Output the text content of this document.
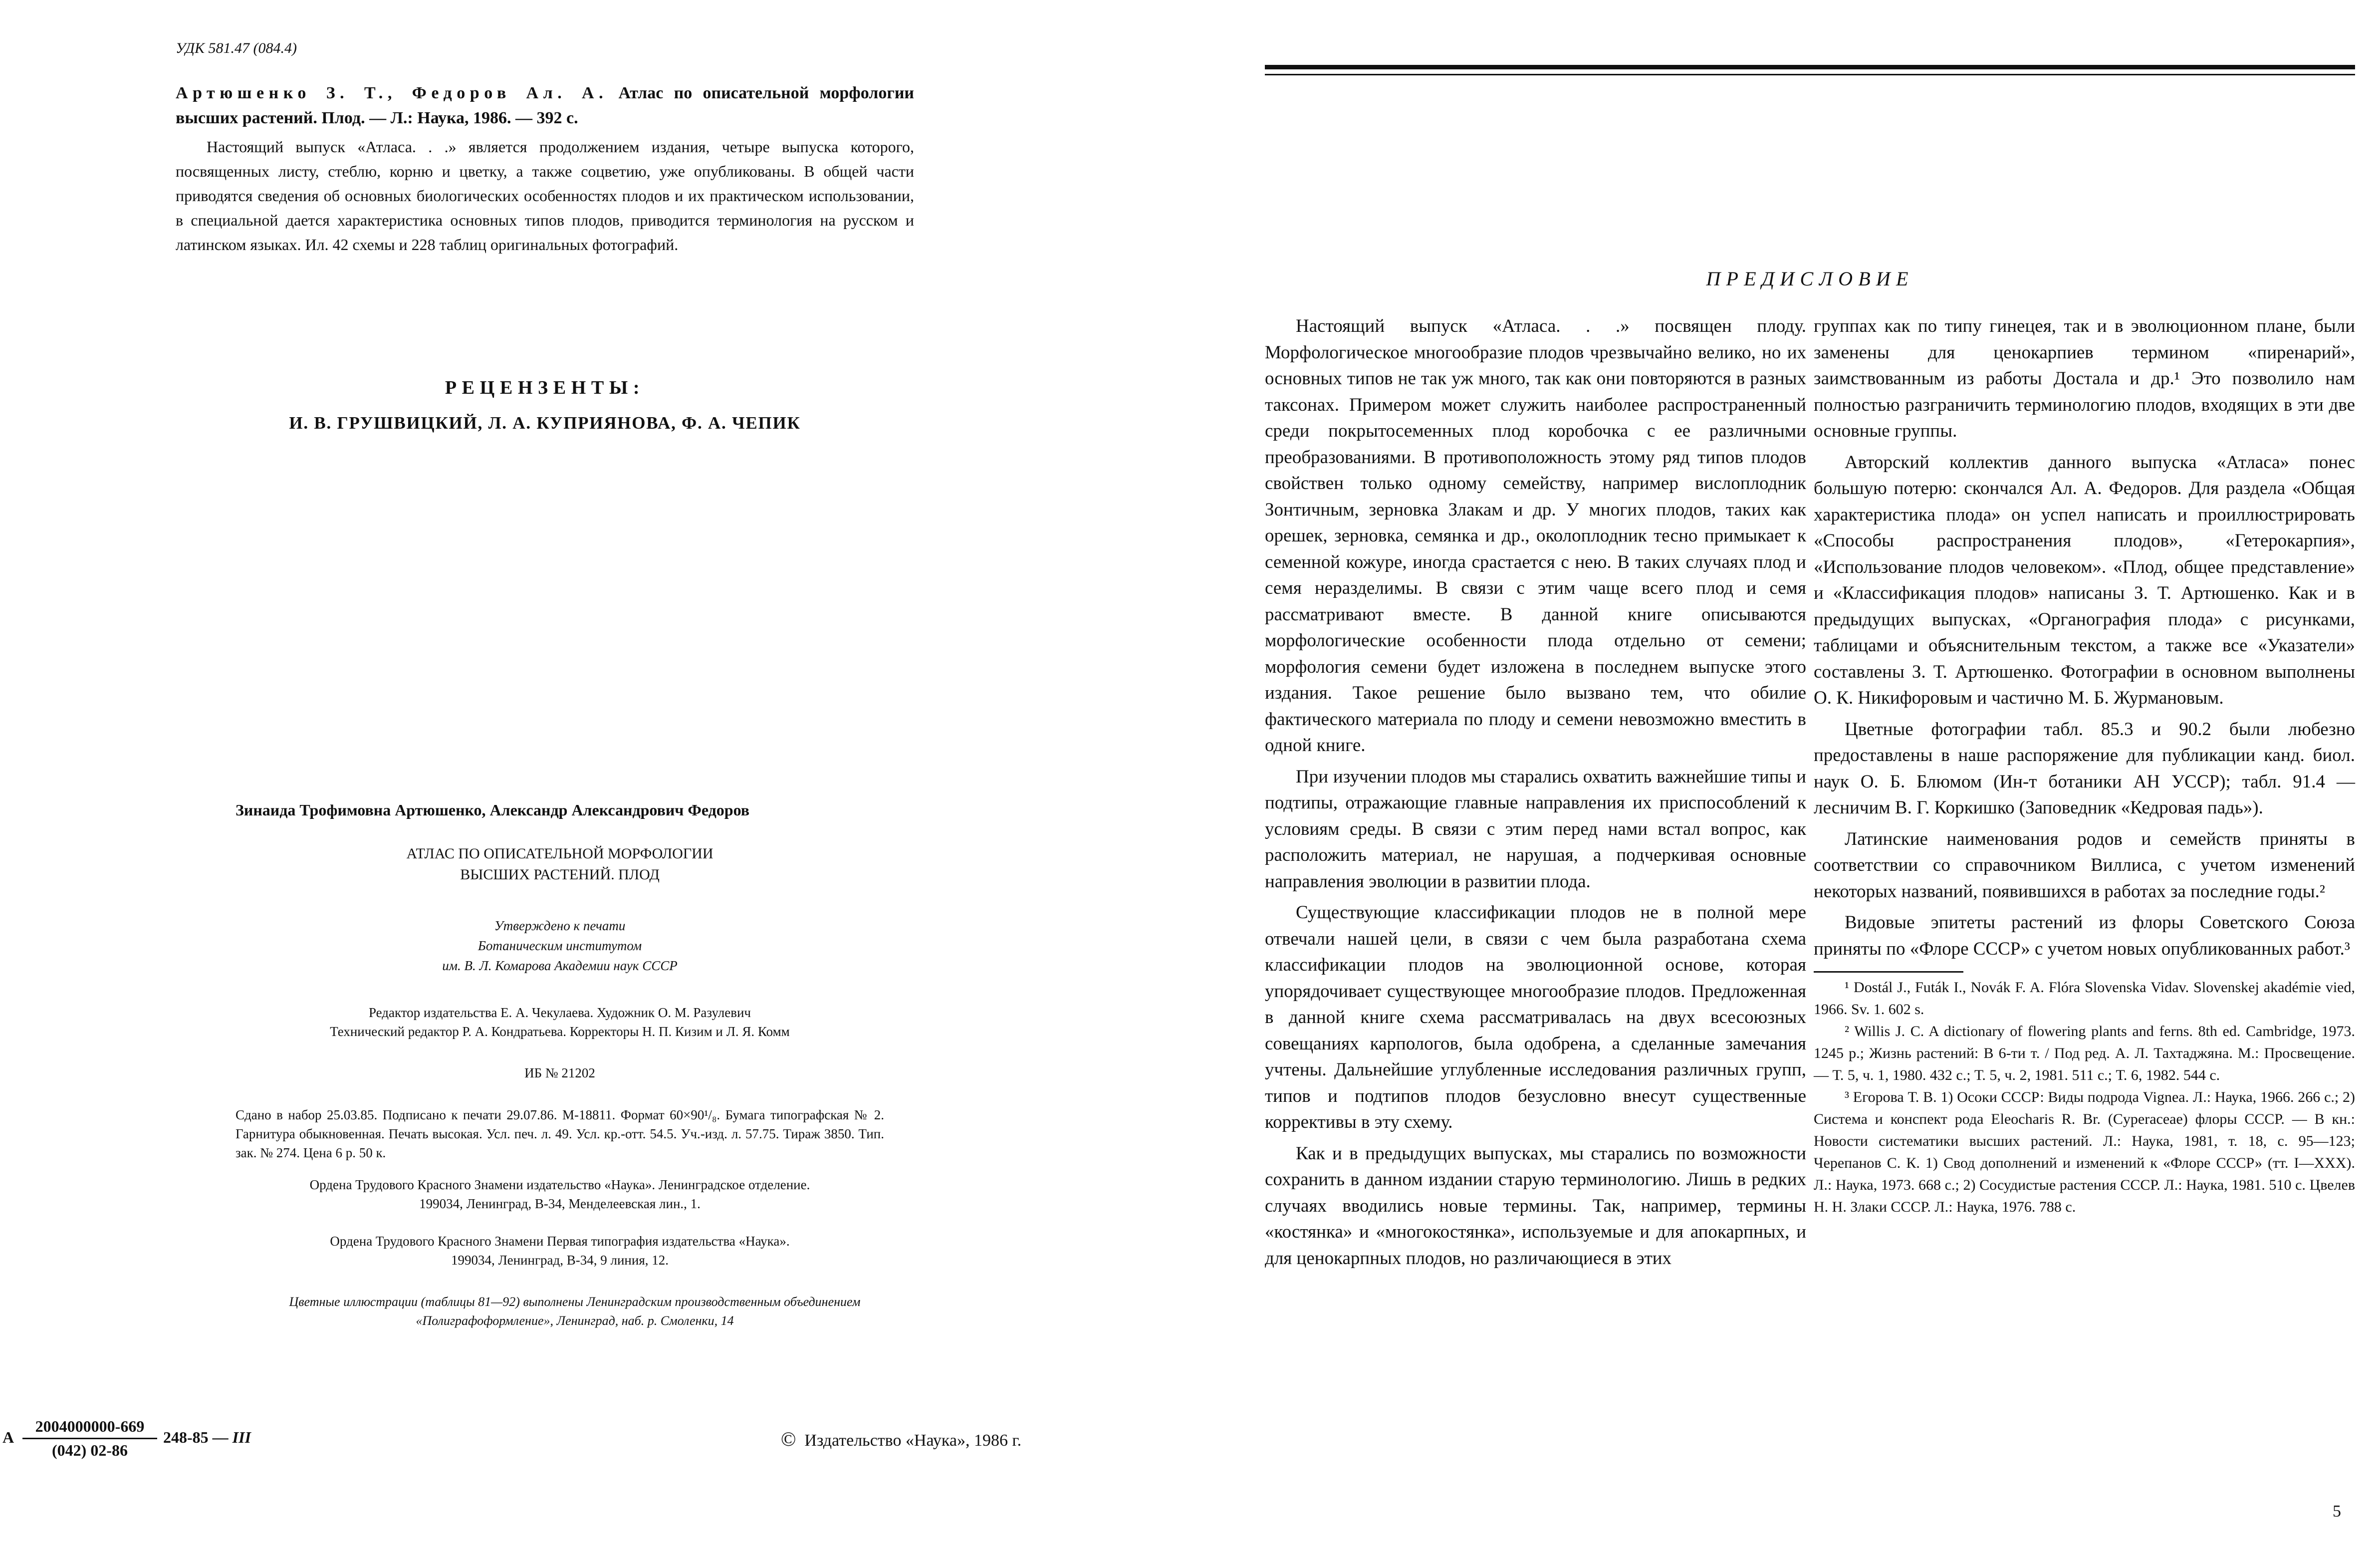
УДК 581.47 (084.4)
Артюшенко З. Т., Федоров Ал. А. Атлас по описательной морфологии высших растений. Плод. — Л.: Наука, 1986. — 392 с.
Настоящий выпуск «Атласа. . .» является продолжением издания, четыре выпуска которого, посвященных листу, стеблю, корню и цветку, а также соцветию, уже опубликованы. В общей части приводятся сведения об основных биологических особенностях плодов и их практическом использовании, в специальной дается характеристика основных типов плодов, приводится терминология на русском и латинском языках. Ил. 42 схемы и 228 таблиц оригинальных фотографий.
РЕЦЕНЗЕНТЫ:
И. В. ГРУШВИЦКИЙ, Л. А. КУПРИЯНОВА, Ф. А. ЧЕПИК
Зинаида Трофимовна Артюшенко, Александр Александрович Федоров
АТЛАС ПО ОПИСАТЕЛЬНОЙ МОРФОЛОГИИ
ВЫСШИХ РАСТЕНИЙ. ПЛОД
Утверждено к печати
Ботаническим институтом
им. В. Л. Комарова Академии наук СССР
Редактор издательства Е. А. Чекулаева. Художник О. М. Разулевич
Технический редактор Р. А. Кондратьева. Корректоры Н. П. Кизим и Л. Я. Комм
ИБ № 21202
Сдано в набор 25.03.85. Подписано к печати 29.07.86. М-18811. Формат 60×90¹/₈. Бумага типографская № 2. Гарнитура обыкновенная. Печать высокая. Усл. печ. л. 49. Усл. кр.-отт. 54.5. Уч.-изд. л. 57.75. Тираж 3850. Тип. зак. № 274. Цена 6 р. 50 к.
Ордена Трудового Красного Знамени издательство «Наука». Ленинградское отделение.
199034, Ленинград, В-34, Менделеевская лин., 1.
Ордена Трудового Красного Знамени Первая типография издательства «Наука».
199034, Ленинград, В-34, 9 линия, 12.
Цветные иллюстрации (таблицы 81—92) выполнены Ленинградским производственным объединением
«Полиграфоформление», Ленинград, наб. р. Смоленки, 14
А $\frac{2004000000-669}{(042) 02-86} 248-85$ — III	© Издательство «Наука», 1986 г.
ПРЕДИСЛОВИЕ

Настоящий выпуск «Атласа. . .» посвящен плоду. Морфологическое многообразие плодов чрезвычайно велико, но их основных типов не так уж много, так как они повторяются в разных таксонах. Примером может служить наиболее распространенный среди покрытосеменных плод коробочка с ее различными преобразованиями. В противоположность этому ряд типов плодов свойствен только одному семейству, например вислоплодник Зонтичным, зерновка Злакам и др. У многих плодов, таких как орешек, зерновка, семянка и др., околоплодник тесно примыкает к семенной кожуре, иногда срастается с нею. В таких случаях плод и семя неразделимы. В связи с этим чаще всего плод и семя рассматривают вместе. В данной книге описываются морфологические особенности плода отдельно от семени; морфология семени будет изложена в последнем выпуске этого издания. Такое решение было вызвано тем, что обилие фактического материала по плоду и семени невозможно вместить в одной книге.

При изучении плодов мы старались охватить важнейшие типы и подтипы, отражающие главные направления их приспособлений к условиям среды. В связи с этим перед нами встал вопрос, как расположить материал, не нарушая, а подчеркивая основные направления эволюции в развитии плода.

Существующие классификации плодов не в полной мере отвечали нашей цели, в связи с чем была разработана схема классификации плодов на эволюционной основе, которая упорядочивает существующее многообразие плодов. Предложенная в данной книге схема рассматривалась на двух всесоюзных совещаниях карпологов, была одобрена, а сделанные замечания учтены. Дальнейшие углубленные исследования различных групп, типов и подтипов плодов безусловно внесут существенные коррективы в эту схему.

Как и в предыдущих выпусках, мы старались по возможности сохранить в данном издании старую терминологию. Лишь в редких случаях вводились новые термины. Так, например, термины «костянка» и «многокостянка», используемые и для апокарпных, и для ценокарпных плодов, но различающиеся в этих

группах как по типу гинецея, так и в эволюционном плане, были заменены для ценокарпиев термином «пиренарий», заимствованным из работы Достала и др.¹ Это позволило нам полностью разграничить терминологию плодов, входящих в эти две основные группы.

Авторский коллектив данного выпуска «Атласа» понес большую потерю: скончался Ал. А. Федоров. Для раздела «Общая характеристика плода» он успел написать и проиллюстрировать «Способы распространения плодов», «Гетерокарпия», «Использование плодов человеком». «Плод, общее представление» и «Классификация плодов» написаны З. Т. Артюшенко. Как и в предыдущих выпусках, «Органография плода» с рисунками, таблицами и объяснительным текстом, а также все «Указатели» составлены З. Т. Артюшенко. Фотографии в основном выполнены О. К. Никифоровым и частично М. Б. Журмановым.

Цветные фотографии табл. 85.3 и 90.2 были любезно предоставлены в наше распоряжение для публикации канд. биол. наук О. Б. Блюмом (Ин-т ботаники АН УССР); табл. 91.4 — лесничим В. Г. Коркишко (Заповедник «Кедровая падь»).

Латинские наименования родов и семейств приняты в соответствии со справочником Виллиса, с учетом изменений некоторых названий, появившихся в работах за последние годы.²

Видовые эпитеты растений из флоры Советского Союза приняты по «Флоре СССР» с учетом новых опубликованных работ.³

¹ Dostál J., Futák I., Novák F. A. Flóra Slovenska Vidav. Slovenskej akadémie vied, 1966. Sv. 1. 602 s.

² Willis J. C. A dictionary of flowering plants and ferns. 8th ed. Cambridge, 1973. 1245 p.; Жизнь растений: В 6-ти т. / Под ред. А. Л. Тахтаджяна. М.: Просвещение. — Т. 5, ч. 1, 1980. 432 с.; Т. 5, ч. 2, 1981. 511 с.; Т. 6, 1982. 544 с.

³ Егорова Т. В. 1) Осоки СССР: Виды подрода Vignea. Л.: Наука, 1966. 266 с.; 2) Система и конспект рода Eleocharis R. Br. (Cyperaceae) флоры СССР. — В кн.: Новости систематики высших растений. Л.: Наука, 1981, т. 18, с. 95—123; Черепанов С. К. 1) Свод дополнений и изменений к «Флоре СССР» (тт. I—XXX). Л.: Наука, 1973. 668 с.; 2) Сосудистые растения СССР. Л.: Наука, 1981. 510 с. Цвелев Н. Н. Злаки СССР. Л.: Наука, 1976. 788 с.

5
